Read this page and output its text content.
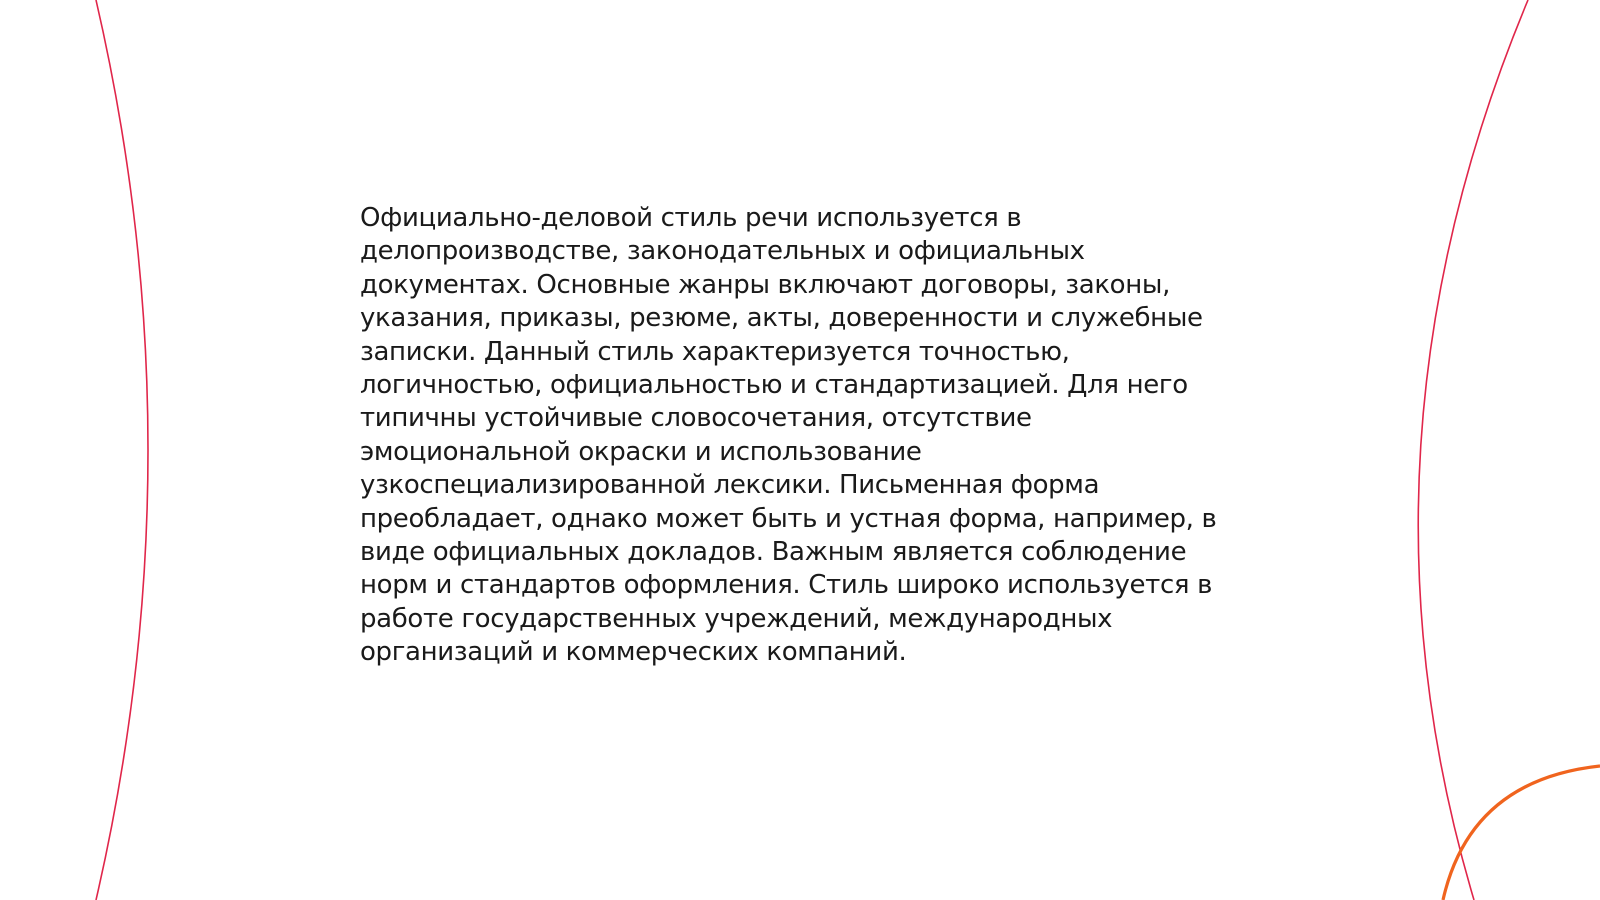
Официально-деловой стиль речи используется в
делопроизводстве, законодательных и официальных
документах. Основные жанры включают договоры, законы,
указания, приказы, резюме, акты, доверенности и служебные
записки. Данный стиль характеризуется точностью,
логичностью, официальностью и стандартизацией. Для него
типичны устойчивые словосочетания, отсутствие
эмоциональной окраски и использование
узкоспециализированной лексики. Письменная форма
преобладает, однако может быть и устная форма, например, в
виде официальных докладов. Важным является соблюдение
норм и стандартов оформления. Стиль широко используется в
работе государственных учреждений, международных
организаций и коммерческих компаний.
